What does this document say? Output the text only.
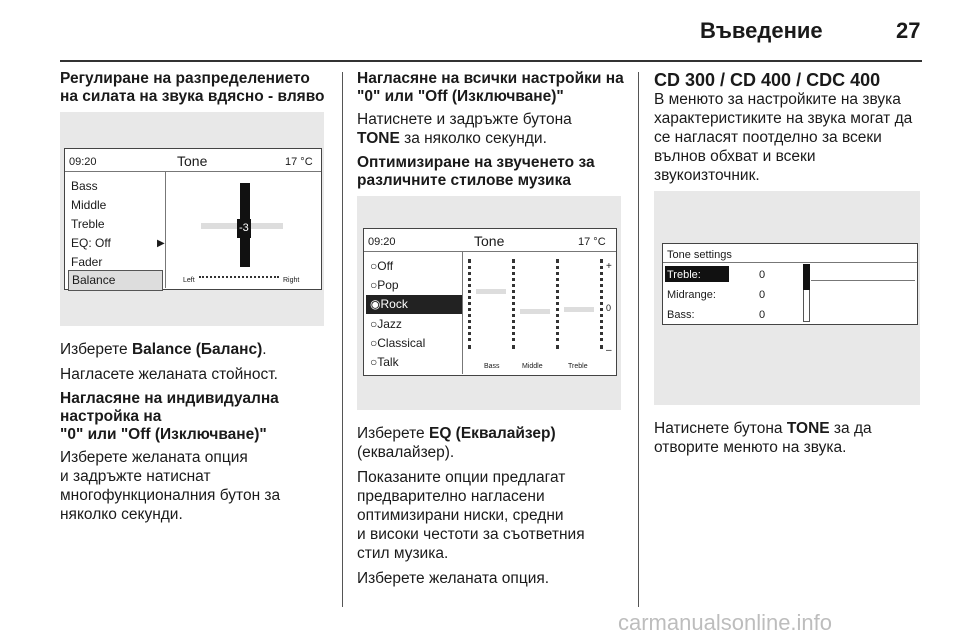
Въведение	27
Регулиране на разпределението
на силата на звука вдясно - вляво
09:20	Tone	17 °C
Bass
Middle
Treble
EQ: Off	▶
Fader
Balance
-3
Left	Right

Изберете Balance (Баланс).

Нагласете желаната стойност.

Нагласяне на индивидуална
настройка на
"0" или "Off (Изключване)"

Изберете желаната опция
и задръжте натиснат
многофункционалния бутон за
няколко секунди.

Нагласяне на всички настройки на
"0" или "Off (Изключване)"

Натиснете и задръжте бутона
TONE за няколко секунди.

Оптимизиране на звученето за
различните стилове музика
09:20	Tone	17 °C
○Off
○Pop
◉Rock
○Jazz
○Classical
○Talk
+
0
–
Bass	Middle	Treble

Изберете EQ (Еквалайзер)
(еквалайзер).

Показаните опции предлагат
предварително нагласени
оптимизирани ниски, средни
и високи честоти за съответния
стил музика.

Изберете желаната опция.

CD 300 / CD 400 / CDC 400

В менюто за настройките на звука
характеристиките на звука могат да
се нагласят поотделно за всеки
вълнов обхват и всеки
звукоизточник.

Tone settings
Treble:	0
Midrange:	0
Bass:	0

Натиснете бутона TONE за да
отворите менюто на звука.

carmanualsonline.info
